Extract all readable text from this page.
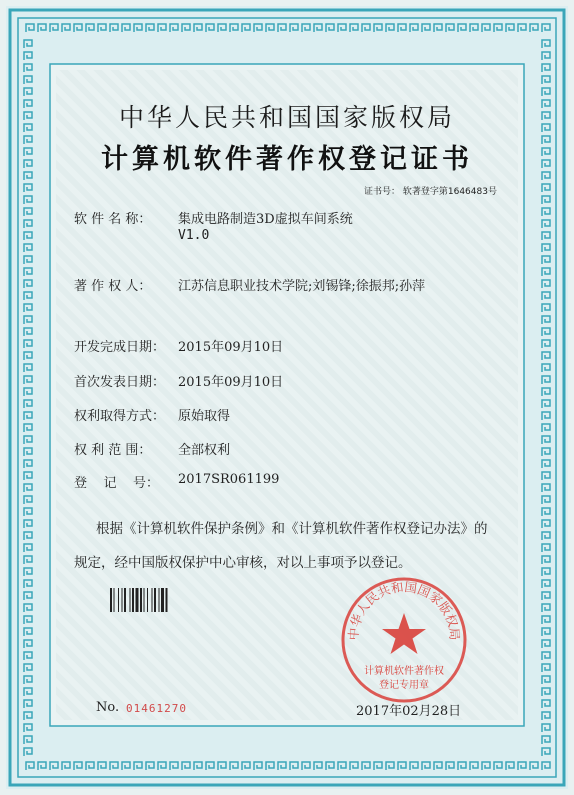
中华人民共和国国家版权局
计算机软件著作权登记证书
证书号： 软著登字第1646483号
软 件 名 称： 集成电路制造3D虚拟车间系统
V1.0
著 作 权 人： 江苏信息职业技术学院;刘锡锋;徐振邦;孙萍
开发完成日期： 2015年09月10日
首次发表日期： 2015年09月10日
权利取得方式： 原始取得
权 利 范 围： 全部权利
登    记    号： 2017SR061199
根据《计算机软件保护条例》和《计算机软件著作权登记办法》的
规定，经中国版权保护中心审核，对以上事项予以登记。
No. 01461270
中华人民共和国国家版权局
计算机软件著作权
登记专用章
2017年02月28日
